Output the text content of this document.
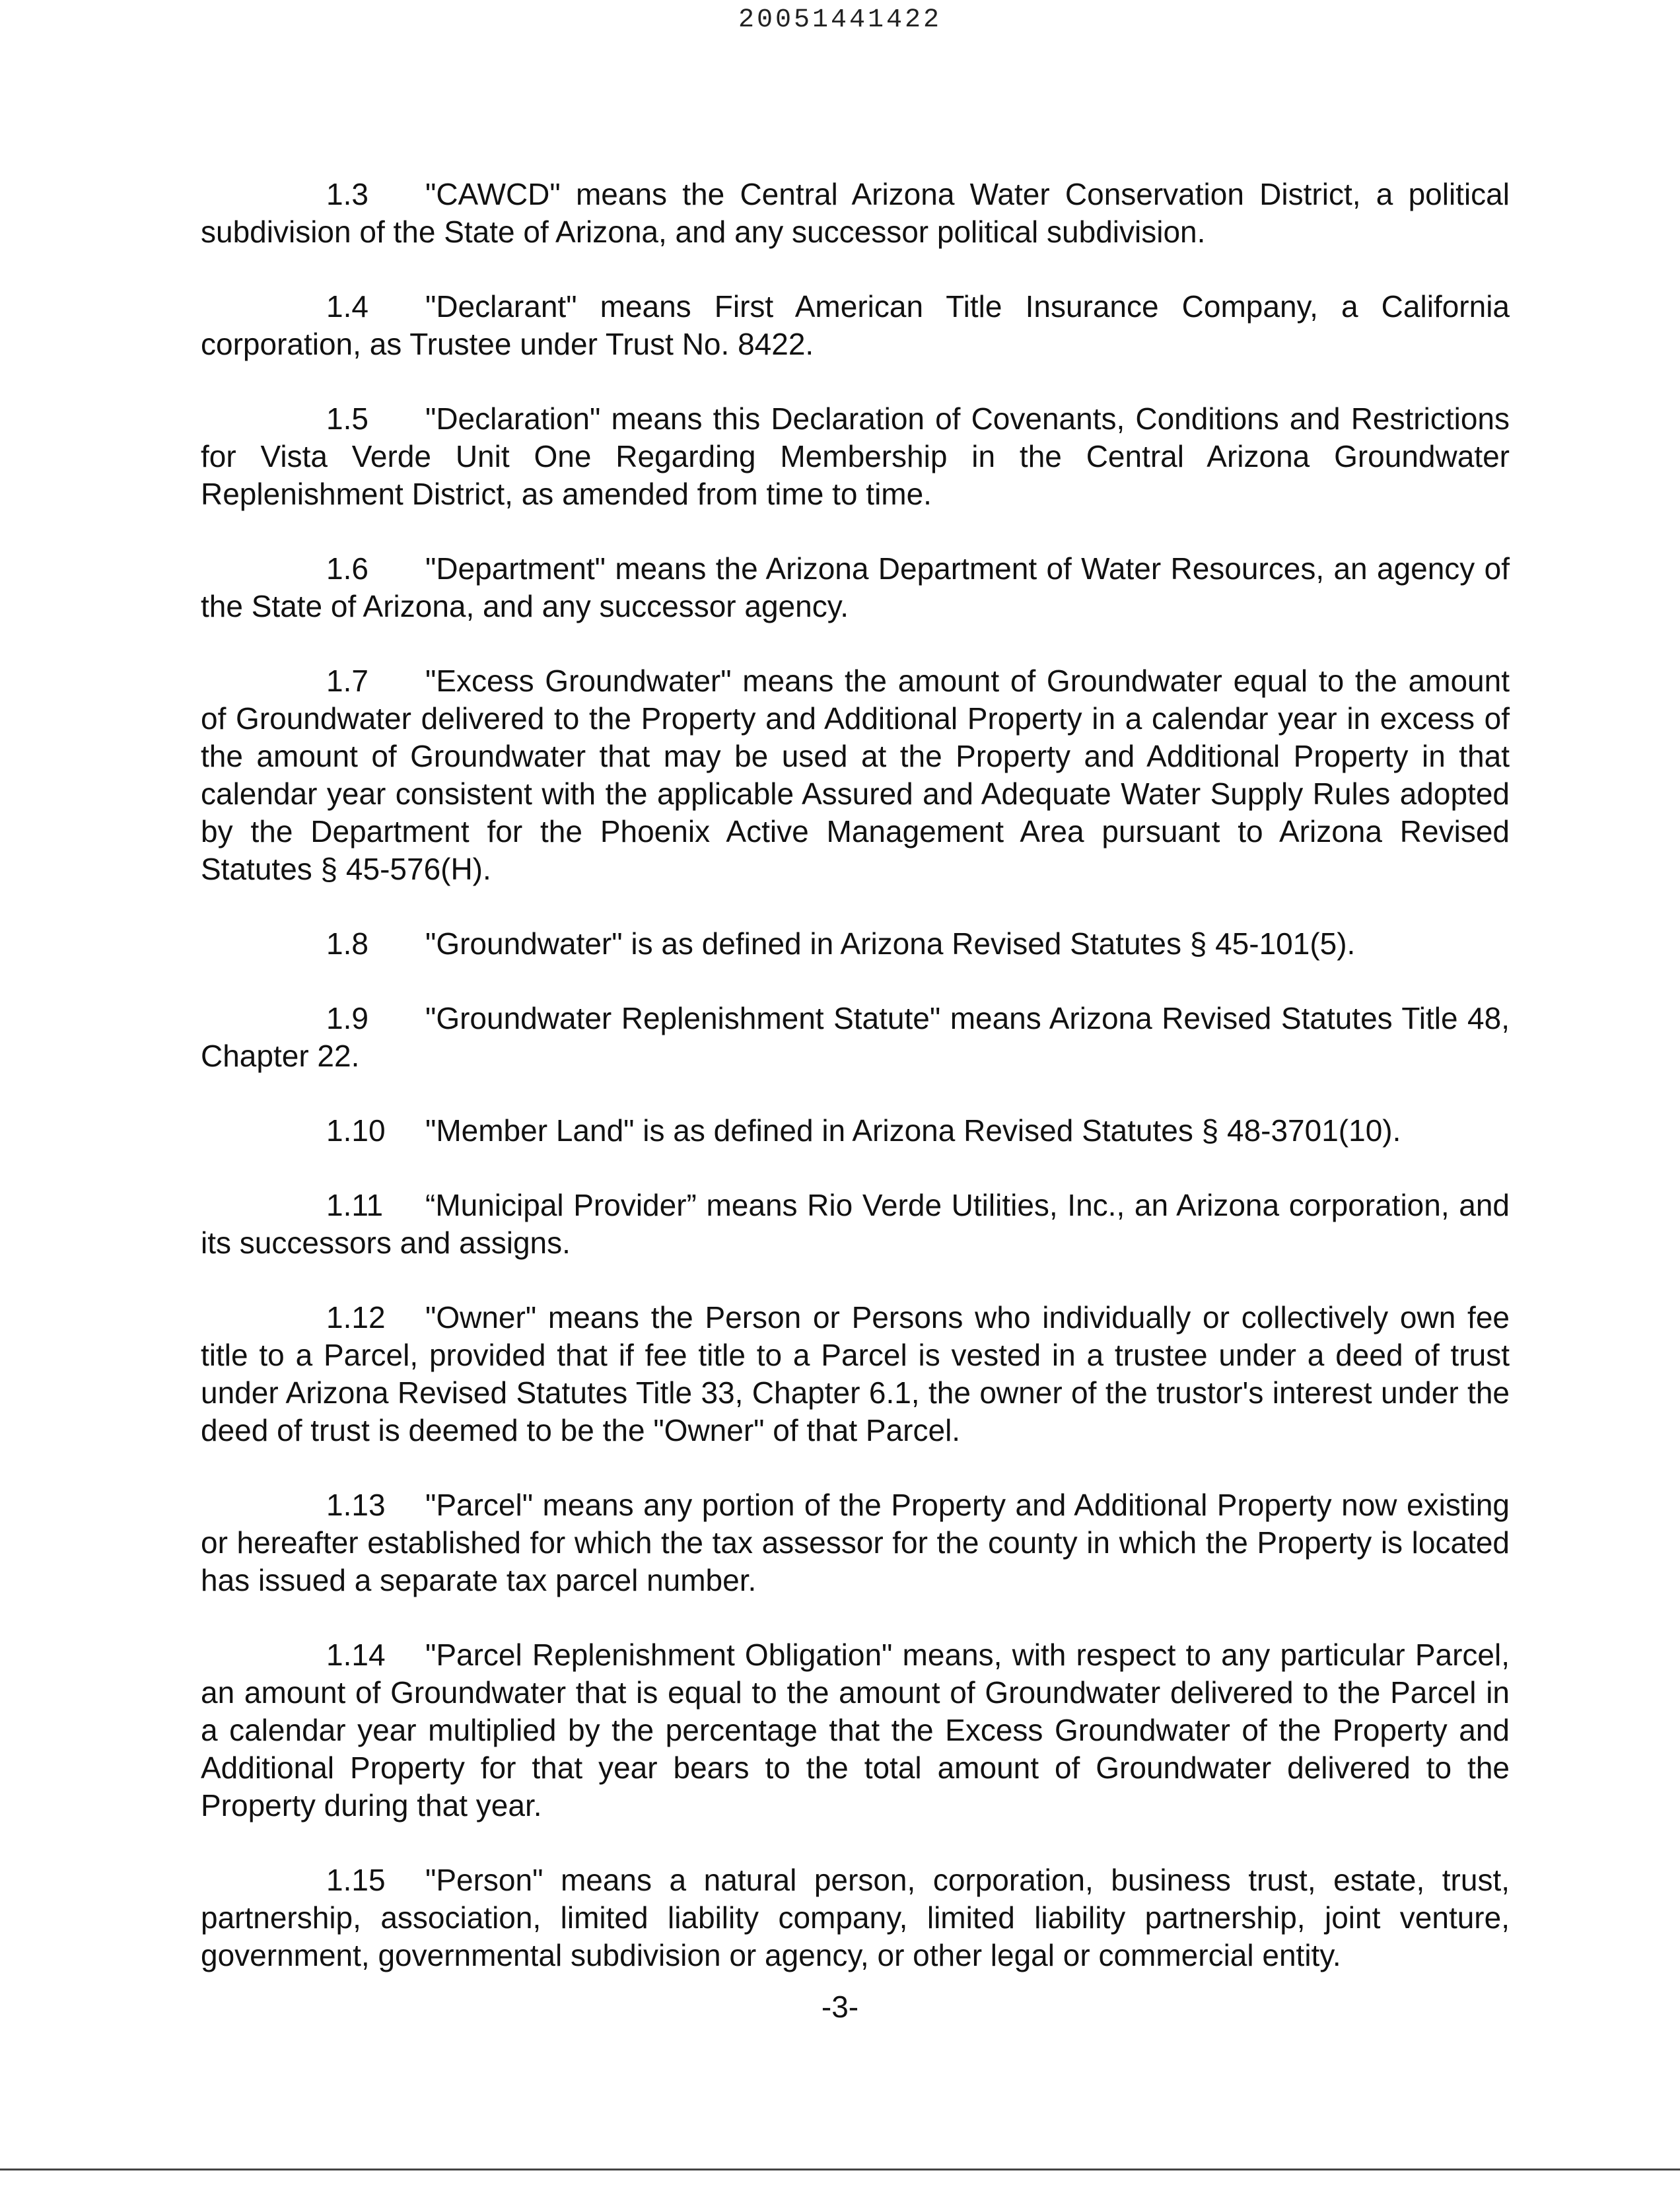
20051441422

1.3 "CAWCD" means the Central Arizona Water Conservation District, a political subdivision of the State of Arizona, and any successor political subdivision.

1.4 "Declarant" means First American Title Insurance Company, a California corporation, as Trustee under Trust No. 8422.

1.5 "Declaration" means this Declaration of Covenants, Conditions and Restrictions for Vista Verde Unit One Regarding Membership in the Central Arizona Groundwater Replenishment District, as amended from time to time.

1.6 "Department" means the Arizona Department of Water Resources, an agency of the State of Arizona, and any successor agency.

1.7 "Excess Groundwater" means the amount of Groundwater equal to the amount of Groundwater delivered to the Property and Additional Property in a calendar year in excess of the amount of Groundwater that may be used at the Property and Additional Property in that calendar year consistent with the applicable Assured and Adequate Water Supply Rules adopted by the Department for the Phoenix Active Management Area pursuant to Arizona Revised Statutes § 45-576(H).

1.8 "Groundwater" is as defined in Arizona Revised Statutes § 45-101(5).

1.9 "Groundwater Replenishment Statute" means Arizona Revised Statutes Title 48, Chapter 22.

1.10 "Member Land" is as defined in Arizona Revised Statutes § 48-3701(10).

1.11 “Municipal Provider” means Rio Verde Utilities, Inc., an Arizona corporation, and its successors and assigns.

1.12 "Owner" means the Person or Persons who individually or collectively own fee title to a Parcel, provided that if fee title to a Parcel is vested in a trustee under a deed of trust under Arizona Revised Statutes Title 33, Chapter 6.1, the owner of the trustor's interest under the deed of trust is deemed to be the "Owner" of that Parcel.

1.13 "Parcel" means any portion of the Property and Additional Property now existing or hereafter established for which the tax assessor for the county in which the Property is located has issued a separate tax parcel number.

1.14 "Parcel Replenishment Obligation" means, with respect to any particular Parcel, an amount of Groundwater that is equal to the amount of Groundwater delivered to the Parcel in a calendar year multiplied by the percentage that the Excess Groundwater of the Property and Additional Property for that year bears to the total amount of Groundwater delivered to the Property during that year.

1.15 "Person" means a natural person, corporation, business trust, estate, trust, partnership, association, limited liability company, limited liability partnership, joint venture, government, governmental subdivision or agency, or other legal or commercial entity.

-3-
